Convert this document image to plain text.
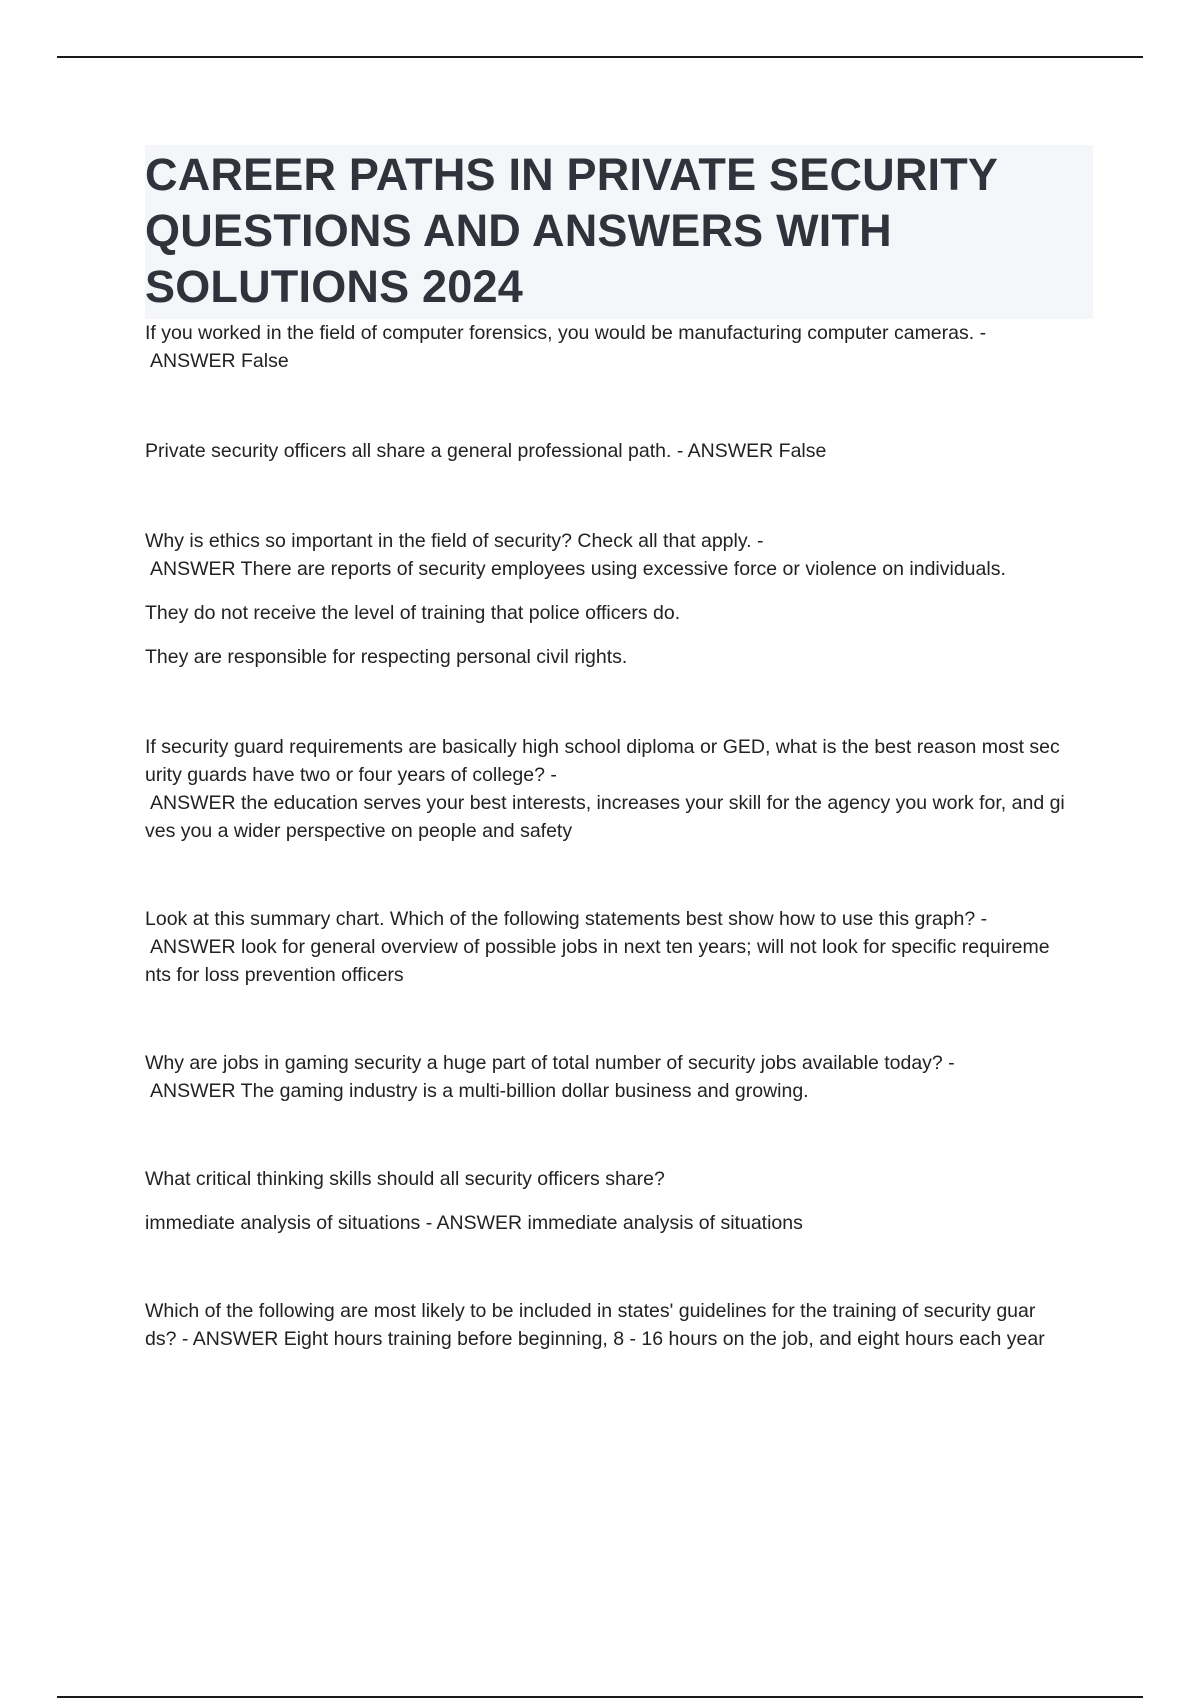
CAREER PATHS IN PRIVATE SECURITY
QUESTIONS AND ANSWERS WITH
SOLUTIONS 2024

If you worked in the field of computer forensics, you would be manufacturing computer cameras. -

ANSWER False

Private security officers all share a general professional path. - ANSWER False

Why is ethics so important in the field of security? Check all that apply. -

ANSWER There are reports of security employees using excessive force or violence on individuals.

They do not receive the level of training that police officers do.

They are responsible for respecting personal civil rights.

If security guard requirements are basically high school diploma or GED, what is the best reason most sec

urity guards have two or four years of college? -

ANSWER the education serves your best interests, increases your skill for the agency you work for, and gi

ves you a wider perspective on people and safety

Look at this summary chart. Which of the following statements best show how to use this graph? -

ANSWER look for general overview of possible jobs in next ten years; will not look for specific requireme

nts for loss prevention officers

Why are jobs in gaming security a huge part of total number of security jobs available today? -

ANSWER The gaming industry is a multi-billion dollar business and growing.

What critical thinking skills should all security officers share?

immediate analysis of situations - ANSWER immediate analysis of situations

Which of the following are most likely to be included in states' guidelines for the training of security guar

ds? - ANSWER Eight hours training before beginning, 8 - 16 hours on the job, and eight hours each year
